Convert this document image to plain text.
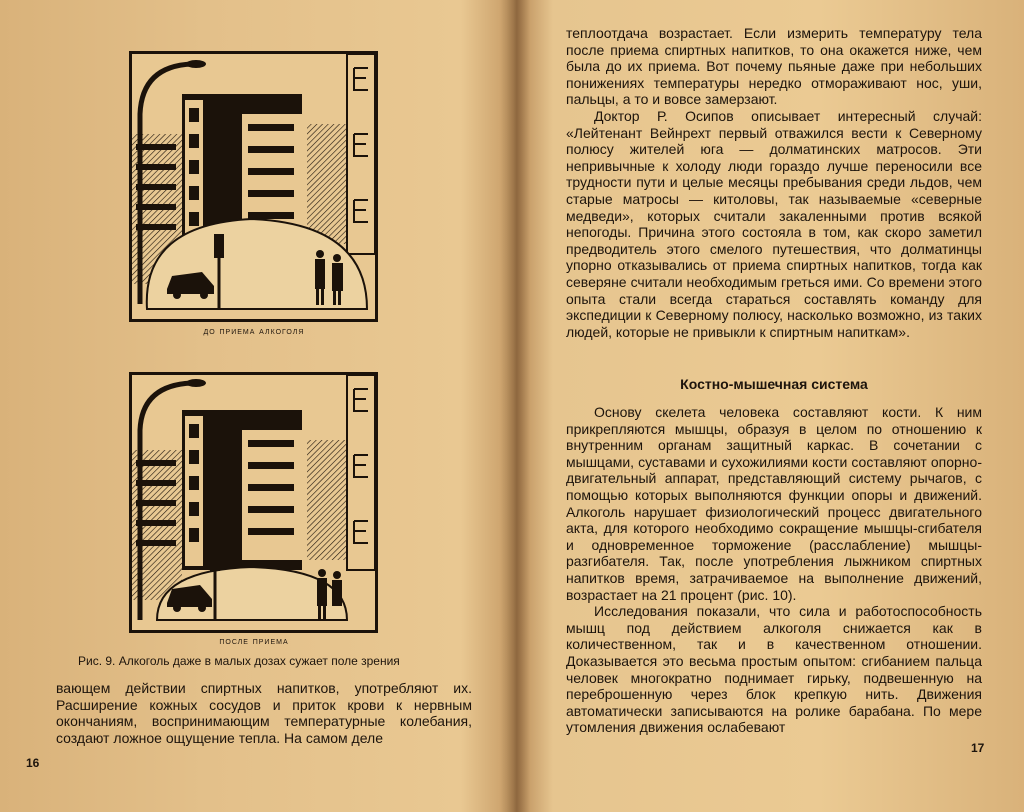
до приема алкоголя
после приема
Рис. 9. Алкоголь даже в малых дозах сужает поле зрения

вающем действии спиртных напитков, употребляют их. Расширение кожных сосудов и приток крови к нервным окончаниям, воспринимающим температурные колебания, создают ложное ощущение тепла. На самом деле

16

теплоотдача возрастает. Если измерить температуру тела после приема спиртных напитков, то она окажется ниже, чем была до их приема. Вот почему пьяные даже при небольших понижениях температуры нередко отмораживают нос, уши, пальцы, а то и вовсе замерзают.

Доктор Р. Осипов описывает интересный случай: «Лейтенант Вейнрехт первый отважился вести к Северному полюсу жителей юга — долматинских матросов. Эти непривычные к холоду люди гораздо лучше переносили все трудности пути и целые месяцы пребывания среди льдов, чем старые матросы — китоловы, так называемые «северные медведи», которых считали закаленными против всякой непогоды. Причина этого состояла в том, как скоро заметил предводитель этого смелого путешествия, что долматинцы упорно отказывались от приема спиртных напитков, тогда как северяне считали необходимым греться ими. Со времени этого опыта стали всегда стараться составлять команду для экспедиции к Северному полюсу, насколько возможно, из таких людей, которые не привыкли к спиртным напиткам».

Костно-мышечная система

Основу скелета человека составляют кости. К ним прикрепляются мышцы, образуя в целом по отношению к внутренним органам защитный каркас. В сочетании с мышцами, суставами и сухожилиями кости составляют опорно-двигательный аппарат, представляющий систему рычагов, с помощью которых выполняются функции опоры и движений. Алкоголь нарушает физиологический процесс двигательного акта, для которого необходимо сокращение мышцы-сгибателя и одновременное торможение (расслабление) мышцы-разгибателя. Так, после употребления лыжником спиртных напитков время, затрачиваемое на выполнение движений, возрастает на 21 процент (рис. 10).

Исследования показали, что сила и работоспособность мышц под действием алкоголя снижается как в количественном, так и в качественном отношении. Доказывается это весьма простым опытом: сгибанием пальца человек многократно поднимает гирьку, подвешенную на переброшенную через блок крепкую нить. Движения автоматически записываются на ролике барабана. По мере утомления движения ослабевают

17
